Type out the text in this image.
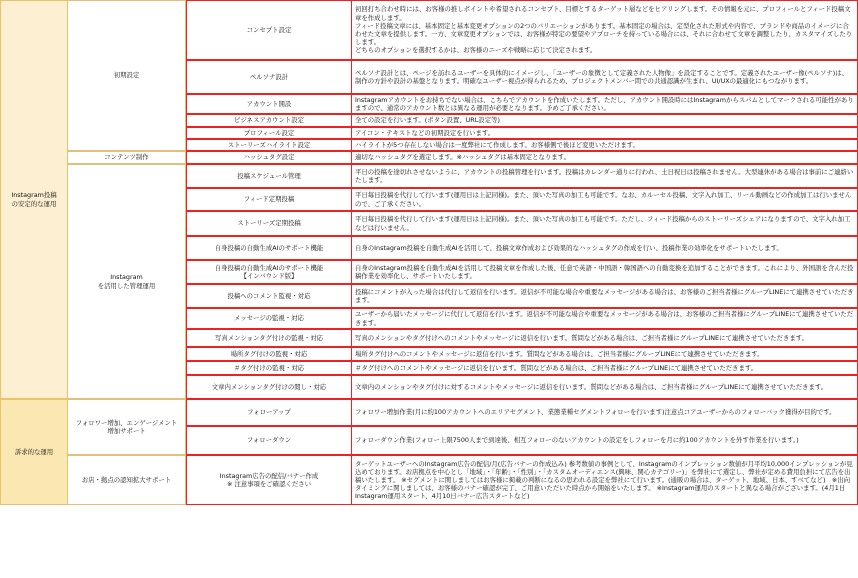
Instagram投稿
の安定的な運用	初期設定	コンセプト設定	初回打ち合わせ時には、お客様の推しポイントや希望されるコンセプト、目標とするターゲット層などをヒアリングします。その情報を元に、プロフィールとフィード投稿文章を作成します。
フィード投稿文章には、基本固定と基本変更オプションの2つのバリエーションがあります。基本固定の場合は、定型化された形式や内容で、ブランドや商品のイメージに合わせた文章を提供します。一方、文章変更オプションでは、お客様が特定の要望やアプローチを持っている場合には、それに合わせて文章を調整したり、カスタマイズしたりします。
どちらのオプションを選択するかは、お客様のニーズや戦略に応じて決定されます。
		ペルソナ設計	ペルソナ設計とは、ページを訪れるユーザーを具体的にイメージし、「ユーザーの象徴として定義された人物像」を設定することです。定義されたユーザー像(ペルソナ)は、制作の方針や設計の基盤となります。明確なユーザー視点が得られるため、プロジェクトメンバー間での共通認識が生まれ、UI/UXの最適化にもつながります。
		アカウント開設	Instagramアカウントをお持ちでない場合は、こちらでアカウントを作成いたします。ただし、アカウント開設時にはInstagramからスパムとしてマークされる可能性がありますので、通常のアカウント数とは異なる運用が必要となります。予めご了承ください。
		ビジネスアカウント設定	全ての設定を行います。(ポタン設置、URL設定等)
		プロフィール設定	アイコン・テキストなどの初期設定を行います。
		ストーリーズハイライト設定	ハイライトが5つ存在しない場合は一度弊社にて作成します。お客様側で後ほど変更いただけます。
	コンテンツ制作	ハッシュタグ設定	適切なハッシュタグを選定します。※ハッシュタグは基本固定となります。
	Instagram
を活用した管理運用	投稿スケジュール管理	平日の投稿を途切れさせないように、アカウントの投稿管理を行います。投稿はカレンダー通りに行われ、土日祝日は投稿されません。大型連休がある場合は事前にご連絡いたします。
		フィード定期投稿	平日毎日投稿を代行して行います(運用日は上記同様)。また、頂いた写真の加工も可能です。なお、カルーセル投稿、文字入れ加工、リール動画などの作成加工は行いませんので、ご了承ください。
		ストーリーズ定期投稿	平日毎日投稿を代行して行います(運用日は上記同様)。また、頂いた写真の加工も可能です。ただし、フィード投稿からのストーリーズシェアになりますので、文字入れ加工などは行いません。
		自身投稿の自動生成AIのサポート機能	自身のInstagram投稿を自動生成AIを活用して、投稿文章作成および効果的なハッシュタグの作成を行い、投稿作業の効率化をサポートいたします。
		自身投稿の自動生成AIのサポート機能
【インバウンド版】	自身のInstagram投稿を自動生成AIを活用して投稿文章を作成した後、任意で英語・中国語・韓国語への自動変換を追加することができます。これにより、外国語を含んだ投稿作業を効率化し、サポートいたします。
		投稿へのコメント監視・対応	投稿にコメントが入った場合は代行して返信を行います。返信が不可能な場合や重要なメッセージがある場合は、お客様のご担当者様にグループLINEにて連携させていただきます。
		メッセージの監視・対応	ユーザーから届いたメッセージに代行して返信を行います。返信が不可能な場合や重要なメッセージがある場合は、お客様のご担当者様にグループLINEにて連携させていただきます。
		写真メンションタグ付けの監視・対応	写真のメンションやタグ付けへのコメントやメッセージに返信を行います。質問などがある場合は、ご担当者様にグループLINEにて連携させていただきます。
		場所タグ付けの監視・対応	場所タグ付けへのコメントやメッセージに返信を行います。質問などがある場合は、ご担当者様にグループLINEにて連携させていただきます。
		＃タグ付けの監視・対応	＃タグ付けへのコメントやメッセージに返信を行います。質問などがある場合は、ご担当者様にグループLINEにて連携させていただきます。
		文章内メンションタグ付けの閲し・対応	文章内のメンションやタグ付けに対するコメントやメッセージに返信を行います。質問などがある場合は、ご担当者様にグループLINEにて連携させていただきます。
訴求的な運用	フォロワー増加、エンゲージメント
増加サポート	フォローアップ	フォロワー増加作業(月に約100アカウントへのエリアセグメント、業態業種セグメントフォローを行います)注意点コアユーザーからのフォローバック獲得が目的です。
		フォローダウン	フォローダウン作業(フォロー上限7500人まで到達後、相互フォローのないアカウントの設定をしフォローを月に約100アカウントを外す作業を行います。)
	お店・拠点の認知拡大サポート	Instagram広告の配信/バナー作成
※ 注意事項をご確認ください	ターゲットユーザーへのInstagram広告の配信/月(広告バナーの作成込み) 参考数値の事例として、Instagramのインプレッション数値が月平均10,000インプレッションが見込めております。お店拠点を中心とし「地域」・「年齢」・「性別」・「カスタムオーディエンス(興味、関心カテゴリー)」を弊社にて選定し、弊社が定める費用負担にて広告を出稿いたします。 ※セグメントに関しましてはお客様に掲載の判断になるの思われる設定を弊社にて行います。(通販の場合は、ターゲット、地域、日本、すべてなど)　※出向タイミングに関しましては、お客様のバナー確認が完了、ご用意いただいた時点から開始をいたします。 ※Instagram運用のスタートと異なる場合がございます。(4月1日Instagram運用スタート、4月10日バナー広告スタートなど)
